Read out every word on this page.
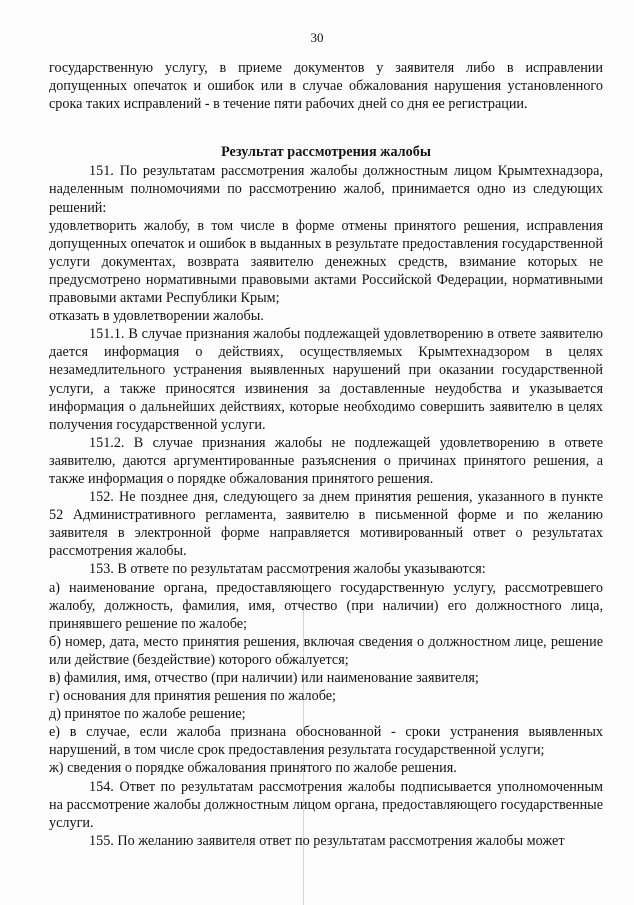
30

государственную услугу, в приеме документов у заявителя либо в исправлении допущенных опечаток и ошибок или в случае обжалования нарушения установленного срока таких исправлений - в течение пяти рабочих дней со дня ее регистрации.

Результат рассмотрения жалобы

151. По результатам рассмотрения жалобы должностным лицом Крымтехнадзора, наделенным полномочиями по рассмотрению жалоб, принимается одно из следующих решений:

удовлетворить жалобу, в том числе в форме отмены принятого решения, исправления допущенных опечаток и ошибок в выданных в результате предоставления государственной услуги документах, возврата заявителю денежных средств, взимание которых не предусмотрено нормативными правовыми актами Российской Федерации, нормативными правовыми актами Республики Крым;

отказать в удовлетворении жалобы.

151.1. В случае признания жалобы подлежащей удовлетворению в ответе заявителю дается информация о действиях, осуществляемых Крымтехнадзором в целях незамедлительного устранения выявленных нарушений при оказании государственной услуги, а также приносятся извинения за доставленные неудобства и указывается информация о дальнейших действиях, которые необходимо совершить заявителю в целях получения государственной услуги.

151.2. В случае признания жалобы не подлежащей удовлетворению в ответе заявителю, даются аргументированные разъяснения о причинах принятого решения, а также информация о порядке обжалования принятого решения.

152. Не позднее дня, следующего за днем принятия решения, указанного в пункте 52 Административного регламента, заявителю в письменной форме и по желанию заявителя в электронной форме направляется мотивированный ответ о результатах рассмотрения жалобы.

153. В ответе по результатам рассмотрения жалобы указываются:

а) наименование органа, предоставляющего государственную услугу, рассмотревшего жалобу, должность, фамилия, имя, отчество (при наличии) его должностного лица, принявшего решение по жалобе;

б) номер, дата, место принятия решения, включая сведения о должностном лице, решение или действие (бездействие) которого обжалуется;

в) фамилия, имя, отчество (при наличии) или наименование заявителя;

г) основания для принятия решения по жалобе;

д) принятое по жалобе решение;

е) в случае, если жалоба признана обоснованной - сроки устранения выявленных нарушений, в том числе срок предоставления результата государственной услуги;

ж) сведения о порядке обжалования принятого по жалобе решения.

154. Ответ по результатам рассмотрения жалобы подписывается уполномоченным на рассмотрение жалобы должностным лицом органа, предоставляющего государственные услуги.

155. По желанию заявителя ответ по результатам рассмотрения жалобы может
